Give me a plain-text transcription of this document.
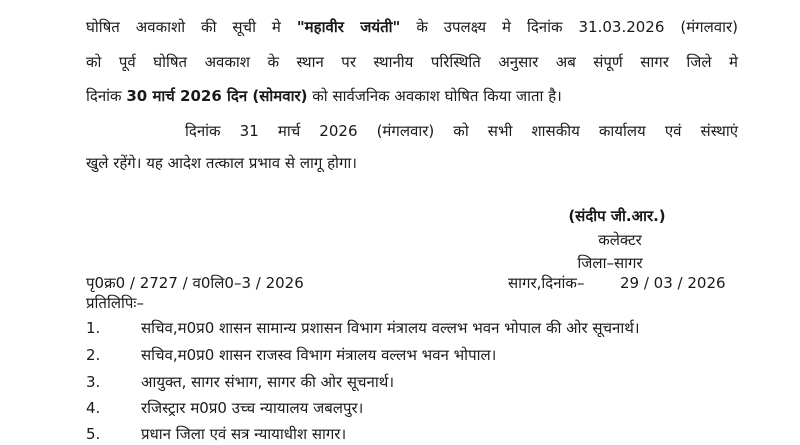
घोषित अवकाशो की सूची मे "महावीर जयंती" के उपलक्ष्य मे दिनांक 31.03.2026 (मंगलवार)
को पूर्व घोषित अवकाश के स्थान पर स्थानीय परिस्थिति अनुसार अब संपूर्ण सागर जिले मे
दिनांक 30 मार्च 2026 दिन (सोमवार) को सार्वजनिक अवकाश घोषित किया जाता है।
दिनांक 31 मार्च 2026 (मंगलवार) को सभी शासकीय कार्यालय एवं संस्थाएं
खुले रहेंगे। यह आदेश तत्काल प्रभाव से लागू होगा।
(संदीप जी.आर.)
कलेक्टर
जिला–सागर
पृ0क्र0 / 2727 / व0लि0–3 / 2026	सागर,दिनांक– 29 / 03 / 2026
प्रतिलिपिः–
1.	सचिव,म0प्र0 शासन सामान्य प्रशासन विभाग मंत्रालय वल्लभ भवन भोपाल की ओर सूचनार्थ।
2.	सचिव,म0प्र0 शासन राजस्व विभाग मंत्रालय वल्लभ भवन भोपाल।
3.	आयुक्त, सागर संभाग, सागर की ओर सूचनार्थ।
4.	रजिस्ट्रार म0प्र0 उच्च न्यायालय जबलपुर।
5.	प्रधान जिला एवं सत्र न्यायाधीश सागर।
